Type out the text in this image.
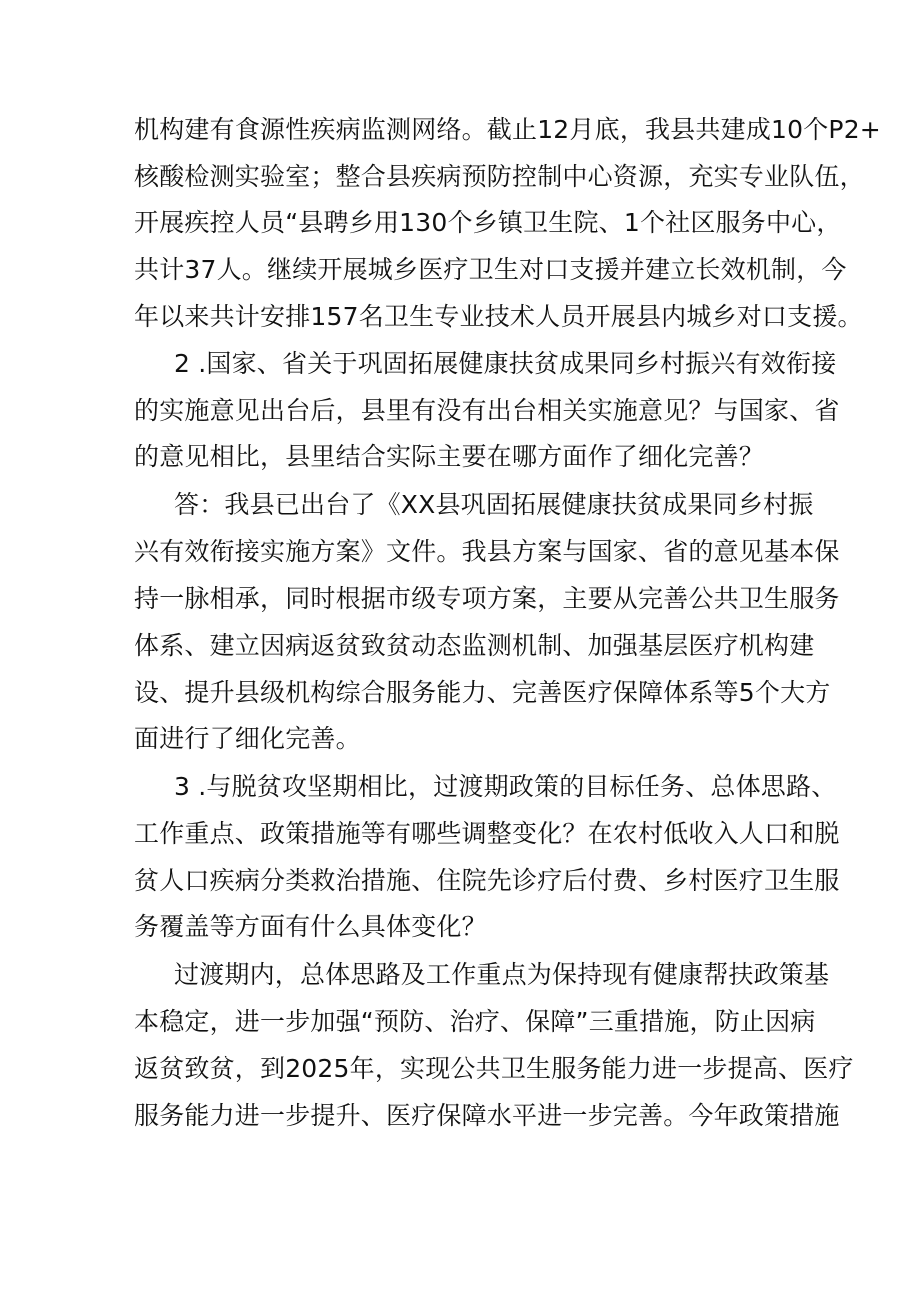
机构建有食源性疾病监测网络。截止12月底，我县共建成10个P2+
核酸检测实验室；整合县疾病预防控制中心资源，充实专业队伍，
开展疾控人员“县聘乡用130个乡镇卫生院、1个社区服务中心，
共计37人。继续开展城乡医疗卫生对口支援并建立长效机制，今
年以来共计安排157名卫生专业技术人员开展县内城乡对口支援。
2 .国家、省关于巩固拓展健康扶贫成果同乡村振兴有效衔接
的实施意见出台后，县里有没有出台相关实施意见？与国家、省
的意见相比，县里结合实际主要在哪方面作了细化完善？
答：我县已出台了《XX县巩固拓展健康扶贫成果同乡村振
兴有效衔接实施方案》文件。我县方案与国家、省的意见基本保
持一脉相承，同时根据市级专项方案，主要从完善公共卫生服务
体系、建立因病返贫致贫动态监测机制、加强基层医疗机构建
设、提升县级机构综合服务能力、完善医疗保障体系等5个大方
面进行了细化完善。
3 .与脱贫攻坚期相比，过渡期政策的目标任务、总体思路、
工作重点、政策措施等有哪些调整变化？在农村低收入人口和脱
贫人口疾病分类救治措施、住院先诊疗后付费、乡村医疗卫生服
务覆盖等方面有什么具体变化？
过渡期内，总体思路及工作重点为保持现有健康帮扶政策基
本稳定，进一步加强“预防、治疗、保障”三重措施，防止因病
返贫致贫，到2025年，实现公共卫生服务能力进一步提高、医疗
服务能力进一步提升、医疗保障水平进一步完善。今年政策措施
